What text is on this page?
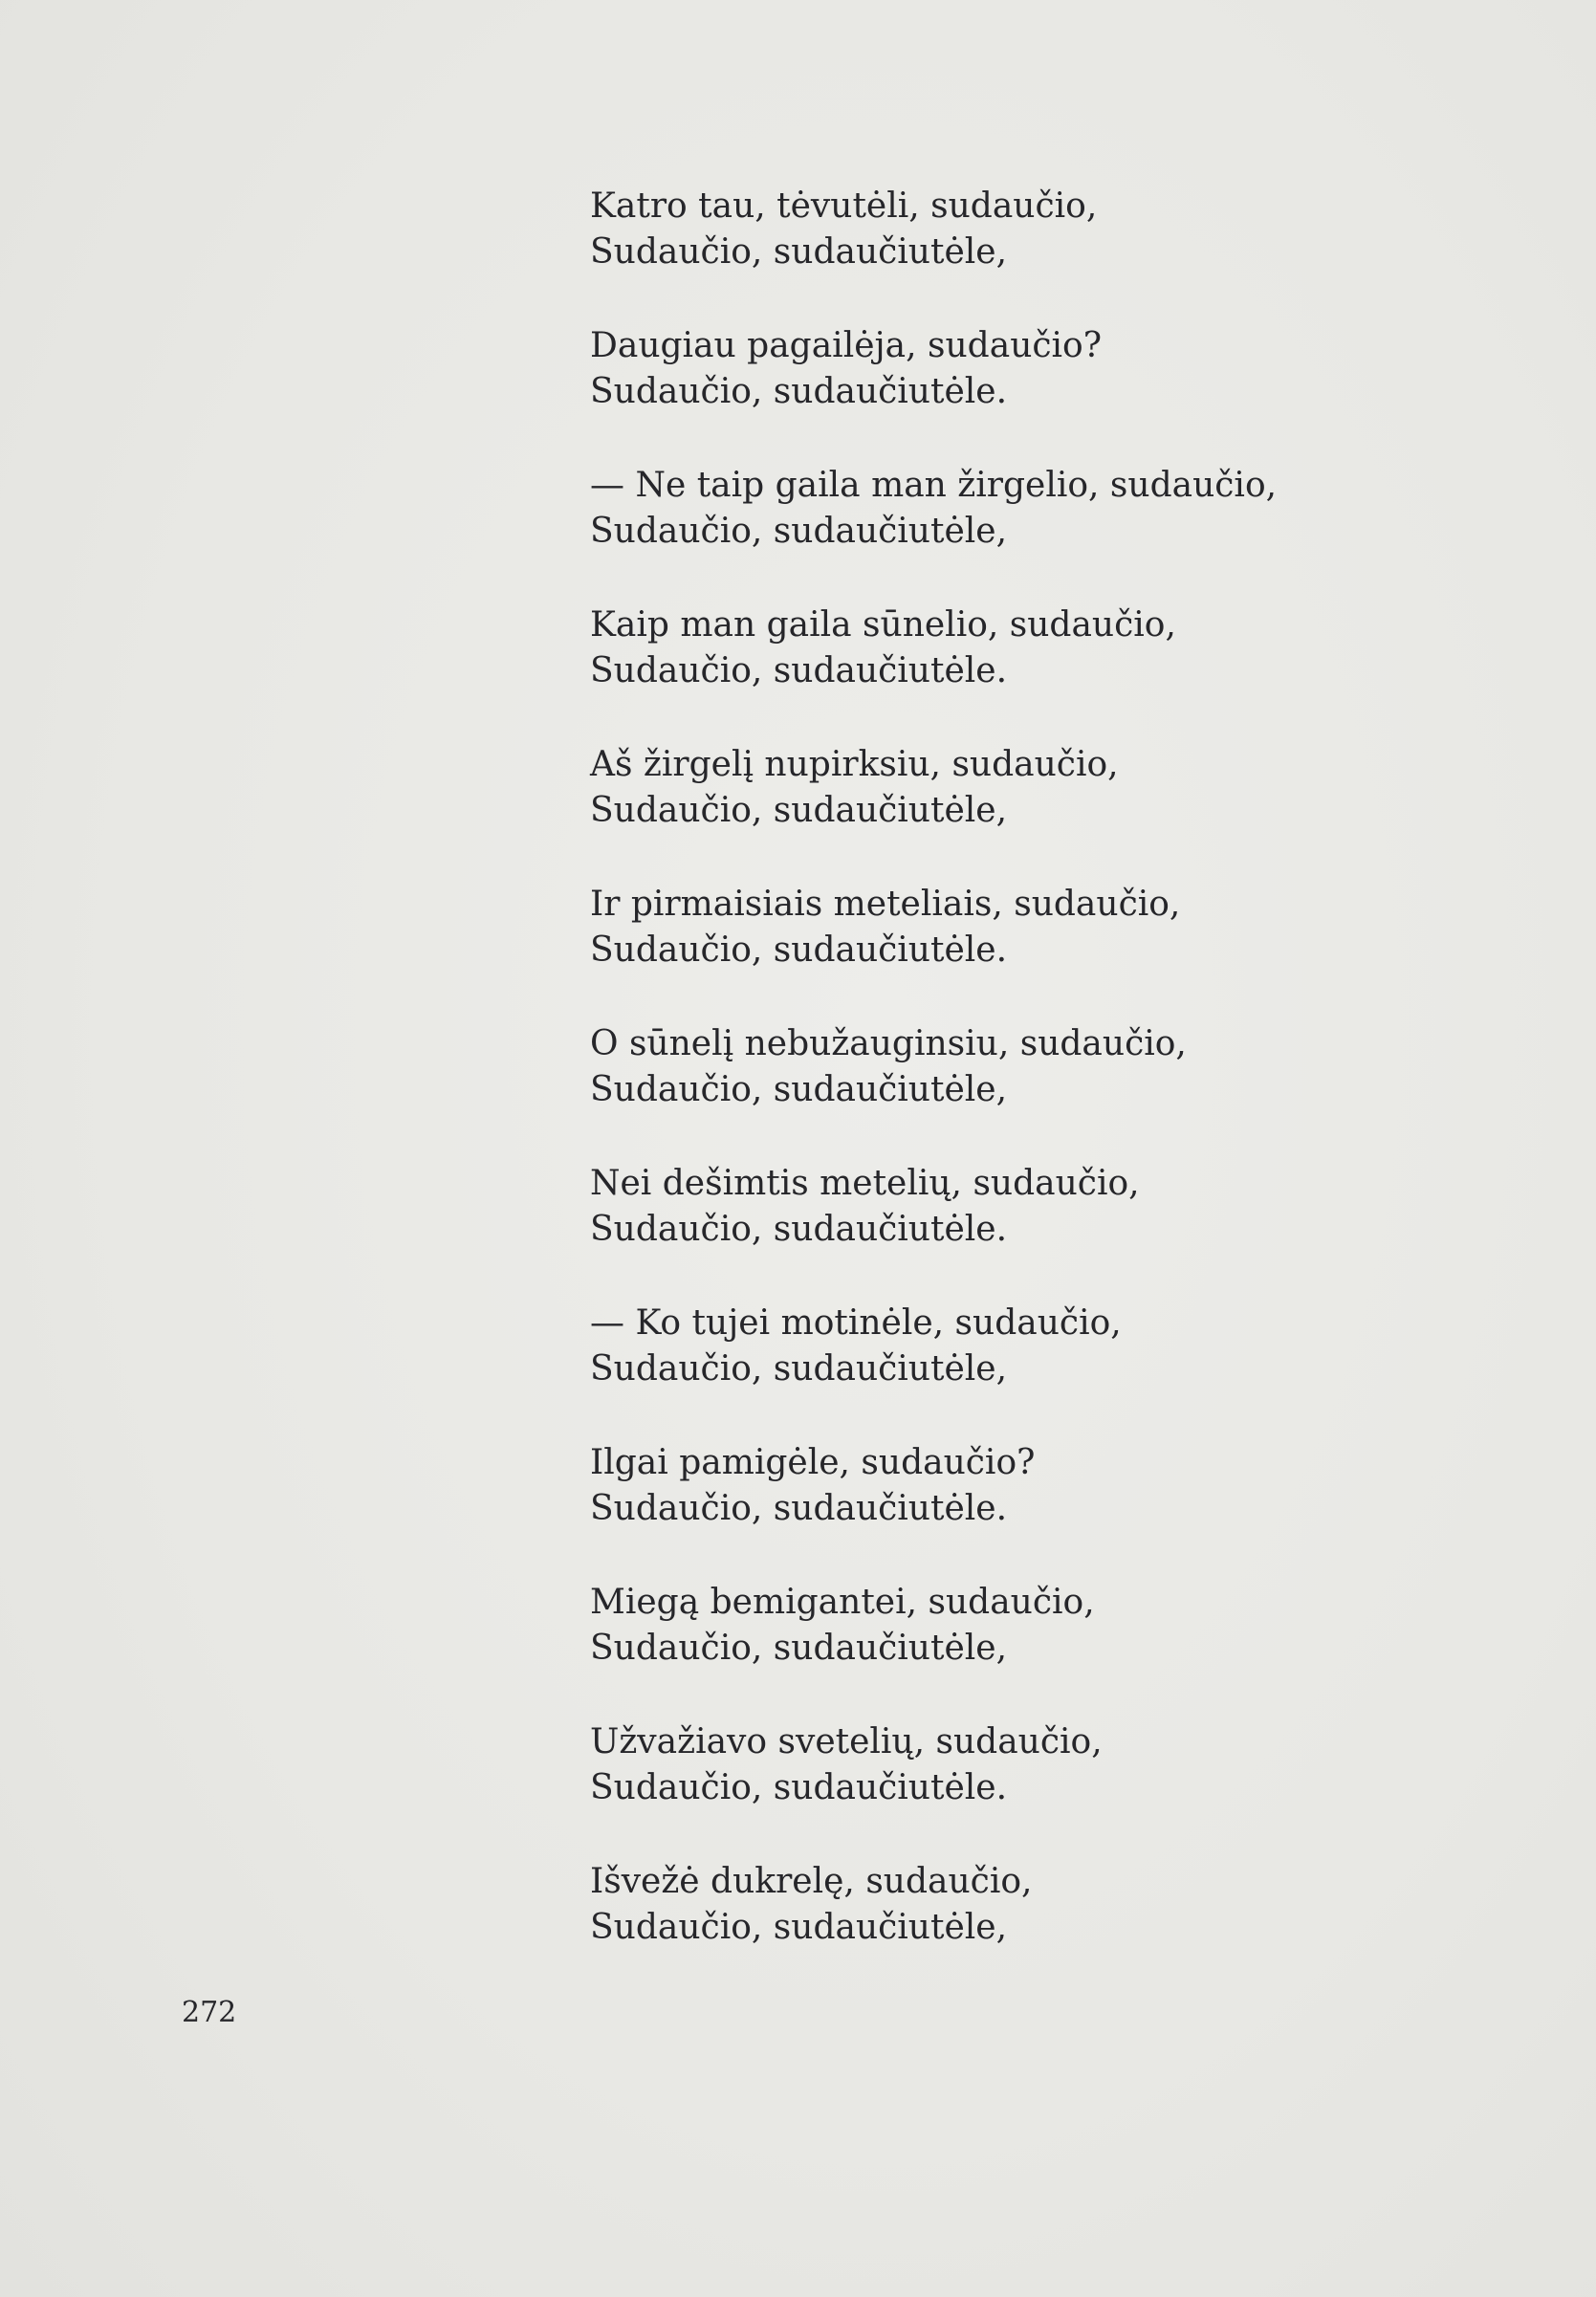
Katro tau, tėvutėli, sudaučio,
Sudaučio, sudaučiutėle,
Daugiau pagailėja, sudaučio?
Sudaučio, sudaučiutėle.
— Ne taip gaila man žirgelio, sudaučio,
Sudaučio, sudaučiutėle,
Kaip man gaila sūnelio, sudaučio,
Sudaučio, sudaučiutėle.
Aš žirgelį nupirksiu, sudaučio,
Sudaučio, sudaučiutėle,
Ir pirmaisiais meteliais, sudaučio,
Sudaučio, sudaučiutėle.
O sūnelį nebužauginsiu, sudaučio,
Sudaučio, sudaučiutėle,
Nei dešimtis metelių, sudaučio,
Sudaučio, sudaučiutėle.
— Ko tujei motinėle, sudaučio,
Sudaučio, sudaučiutėle,
Ilgai pamigėle, sudaučio?
Sudaučio, sudaučiutėle.
Miegą bemigantei, sudaučio,
Sudaučio, sudaučiutėle,
Užvažiavo svetelių, sudaučio,
Sudaučio, sudaučiutėle.
Išvežė dukrelę, sudaučio,
Sudaučio, sudaučiutėle,
272
